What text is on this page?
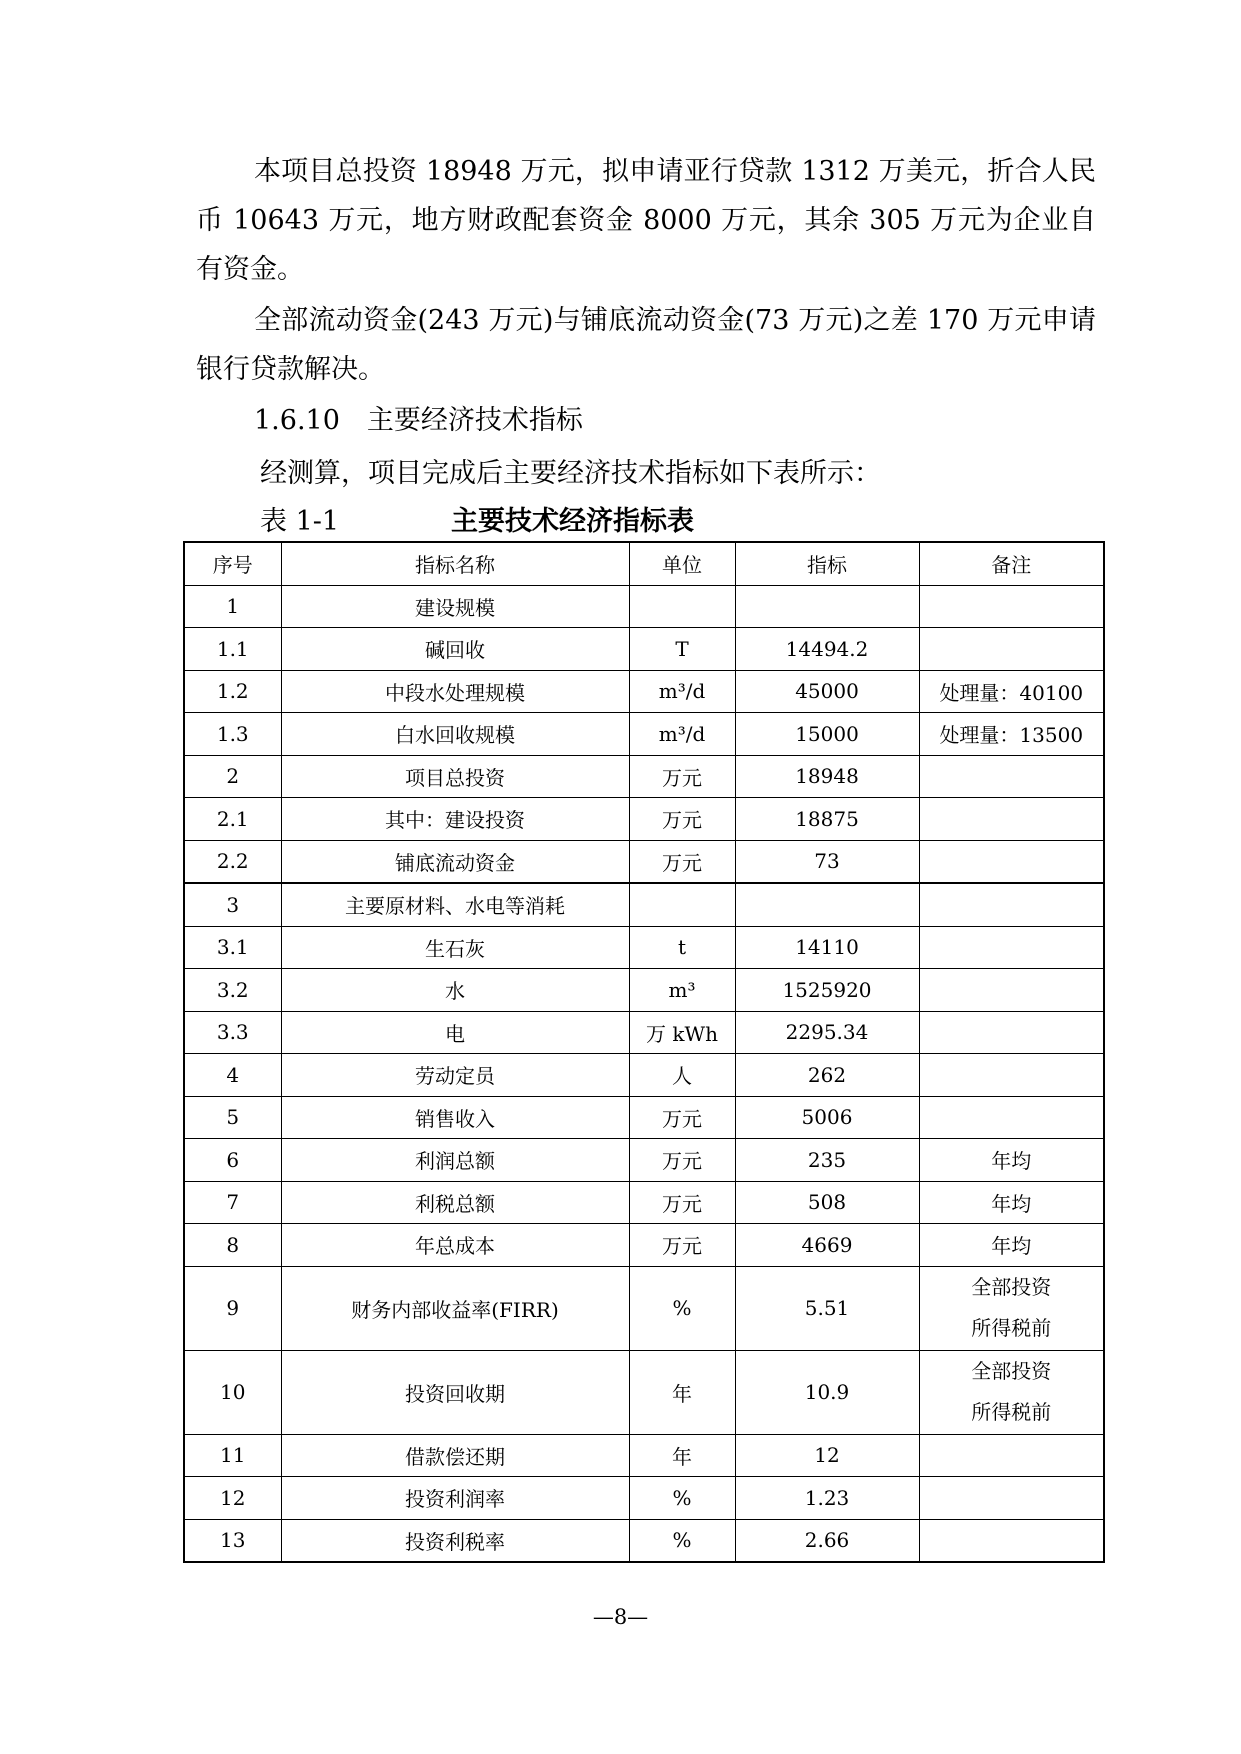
本项目总投资 18948 万元，拟申请亚行贷款 1312 万美元，折合人民币 10643 万元，地方财政配套资金 8000 万元，其余 305 万元为企业自有资金。

全部流动资金(243 万元)与铺底流动资金(73 万元)之差 170 万元申请银行贷款解决。

1.6.10　主要经济技术指标

经测算，项目完成后主要经济技术指标如下表所示：

表 1-1	主要技术经济指标表
序号	指标名称	单位	指标	备注
1	建设规模			
1.1	碱回收	T	14494.2	
1.2	中段水处理规模	m³/d	45000	处理量：40100
1.3	白水回收规模	m³/d	15000	处理量：13500
2	项目总投资	万元	18948	
2.1	其中：建设投资	万元	18875	
2.2	铺底流动资金	万元	73	
3	主要原材料、水电等消耗			
3.1	生石灰	t	14110	
3.2	水	m³	1525920	
3.3	电	万 kWh	2295.34	
4	劳动定员	人	262	
5	销售收入	万元	5006	
6	利润总额	万元	235	年均
7	利税总额	万元	508	年均
8	年总成本	万元	4669	年均
9	财务内部收益率(FIRR)	%	5.51	全部投资
所得税前

10	投资回收期	年	10.9	全部投资
所得税前

11	借款偿还期	年	12	
12	投资利润率	%	1.23	
13	投资利税率	%	2.66	
—8—
